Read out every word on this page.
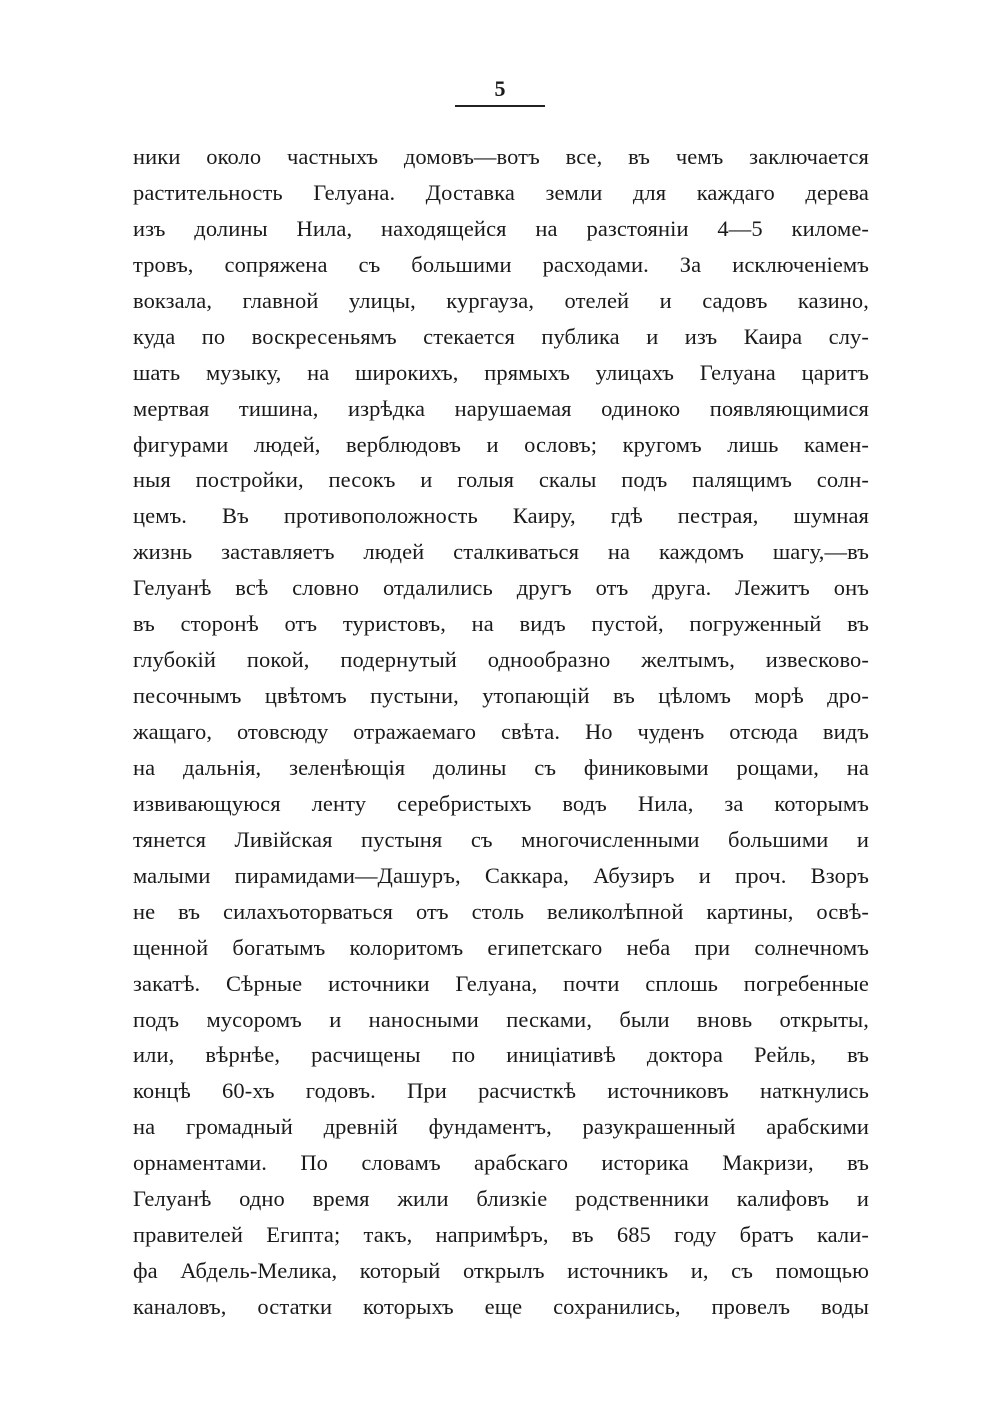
5
ники около частныхъ домовъ—вотъ все, въ чемъ заключается
растительность Гелуана. Доставка земли для каждаго дерева
изъ долины Нила, находящейся на разстояніи 4—5 киломе-
тровъ, сопряжена съ большими расходами. За исключеніемъ
вокзала, главной улицы, кургауза, отелей и садовъ казино,
куда по воскресеньямъ стекается публика и изъ Каира слу-
шать музыку, на широкихъ, прямыхъ улицахъ Гелуана царитъ
мертвая тишина, изрѣдка нарушаемая одиноко появляющимися
фигурами людей, верблюдовъ и ословъ; кругомъ лишь камен-
ныя постройки, песокъ и голыя скалы подъ палящимъ солн-
цемъ. Въ противоположность Каиру, гдѣ пестрая, шумная
жизнь заставляетъ людей сталкиваться на каждомъ шагу,—въ
Гелуанѣ всѣ словно отдалились другъ отъ друга. Лежитъ онъ
въ сторонѣ отъ туристовъ, на видъ пустой, погруженный въ
глубокій покой, подернутый однообразно желтымъ, извесково-
песочнымъ цвѣтомъ пустыни, утопающій въ цѣломъ морѣ дро-
жащаго, отовсюду отражаемаго свѣта. Но чуденъ отсюда видъ
на дальнія, зеленѣющія долины съ финиковыми рощами, на
извивающуюся ленту серебристыхъ водъ Нила, за которымъ
тянется Ливійская пустыня съ многочисленными большими и
малыми пирамидами—Дашуръ, Саккара, Абузиръ и проч. Взоръ
не въ силахъоторваться отъ столь великолѣпной картины, освѣ-
щенной богатымъ колоритомъ египетскаго неба при солнечномъ
закатѣ. Сѣрные источники Гелуана, почти сплошь погребенные
подъ мусоромъ и наносными песками, были вновь открыты,
или, вѣрнѣе, расчищены по иниціативѣ доктора Рейль, въ
концѣ 60-хъ годовъ. При расчисткѣ источниковъ наткнулись
на громадный древній фундаментъ, разукрашенный арабскими
орнаментами. По словамъ арабскаго историка Макризи, въ
Гелуанѣ одно время жили близкіе родственники калифовъ и
правителей Египта; такъ, напримѣръ, въ 685 году братъ кали-
фа Абдель-Мелика, который открылъ источникъ и, съ помощью
каналовъ, остатки которыхъ еще сохранились, провелъ воды
